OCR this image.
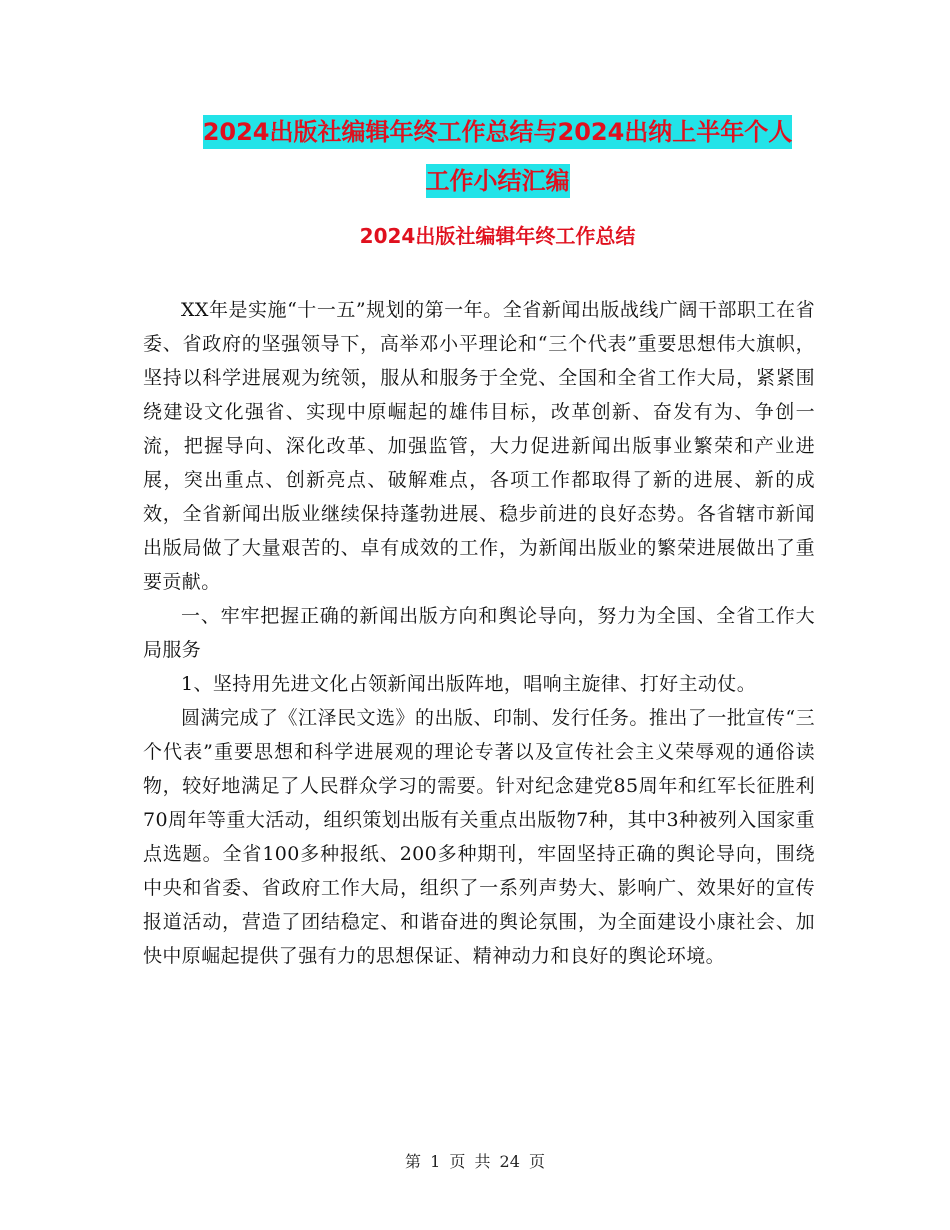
2024出版社编辑年终工作总结与2024出纳上半年个人
工作小结汇编
2024出版社编辑年终工作总结

XX年是实施“十一五”规划的第一年。全省新闻出版战线广阔干部职工在省委、省政府的坚强领导下，高举邓小平理论和“三个代表”重要思想伟大旗帜，坚持以科学进展观为统领，服从和服务于全党、全国和全省工作大局，紧紧围绕建设文化强省、实现中原崛起的雄伟目标，改革创新、奋发有为、争创一流，把握导向、深化改革、加强监管，大力促进新闻出版事业繁荣和产业进展，突出重点、创新亮点、破解难点，各项工作都取得了新的进展、新的成效，全省新闻出版业继续保持蓬勃进展、稳步前进的良好态势。各省辖市新闻出版局做了大量艰苦的、卓有成效的工作，为新闻出版业的繁荣进展做出了重要贡献。

一、牢牢把握正确的新闻出版方向和舆论导向，努力为全国、全省工作大局服务

1、坚持用先进文化占领新闻出版阵地，唱响主旋律、打好主动仗。

圆满完成了《江泽民文选》的出版、印制、发行任务。推出了一批宣传“三个代表”重要思想和科学进展观的理论专著以及宣传社会主义荣辱观的通俗读物，较好地满足了人民群众学习的需要。针对纪念建党85周年和红军长征胜利70周年等重大活动，组织策划出版有关重点出版物7种，其中3种被列入国家重点选题。全省100多种报纸、200多种期刊，牢固坚持正确的舆论导向，围绕中央和省委、省政府工作大局，组织了一系列声势大、影响广、效果好的宣传报道活动，营造了团结稳定、和谐奋进的舆论氛围，为全面建设小康社会、加快中原崛起提供了强有力的思想保证、精神动力和良好的舆论环境。

第 1 页 共 24 页
